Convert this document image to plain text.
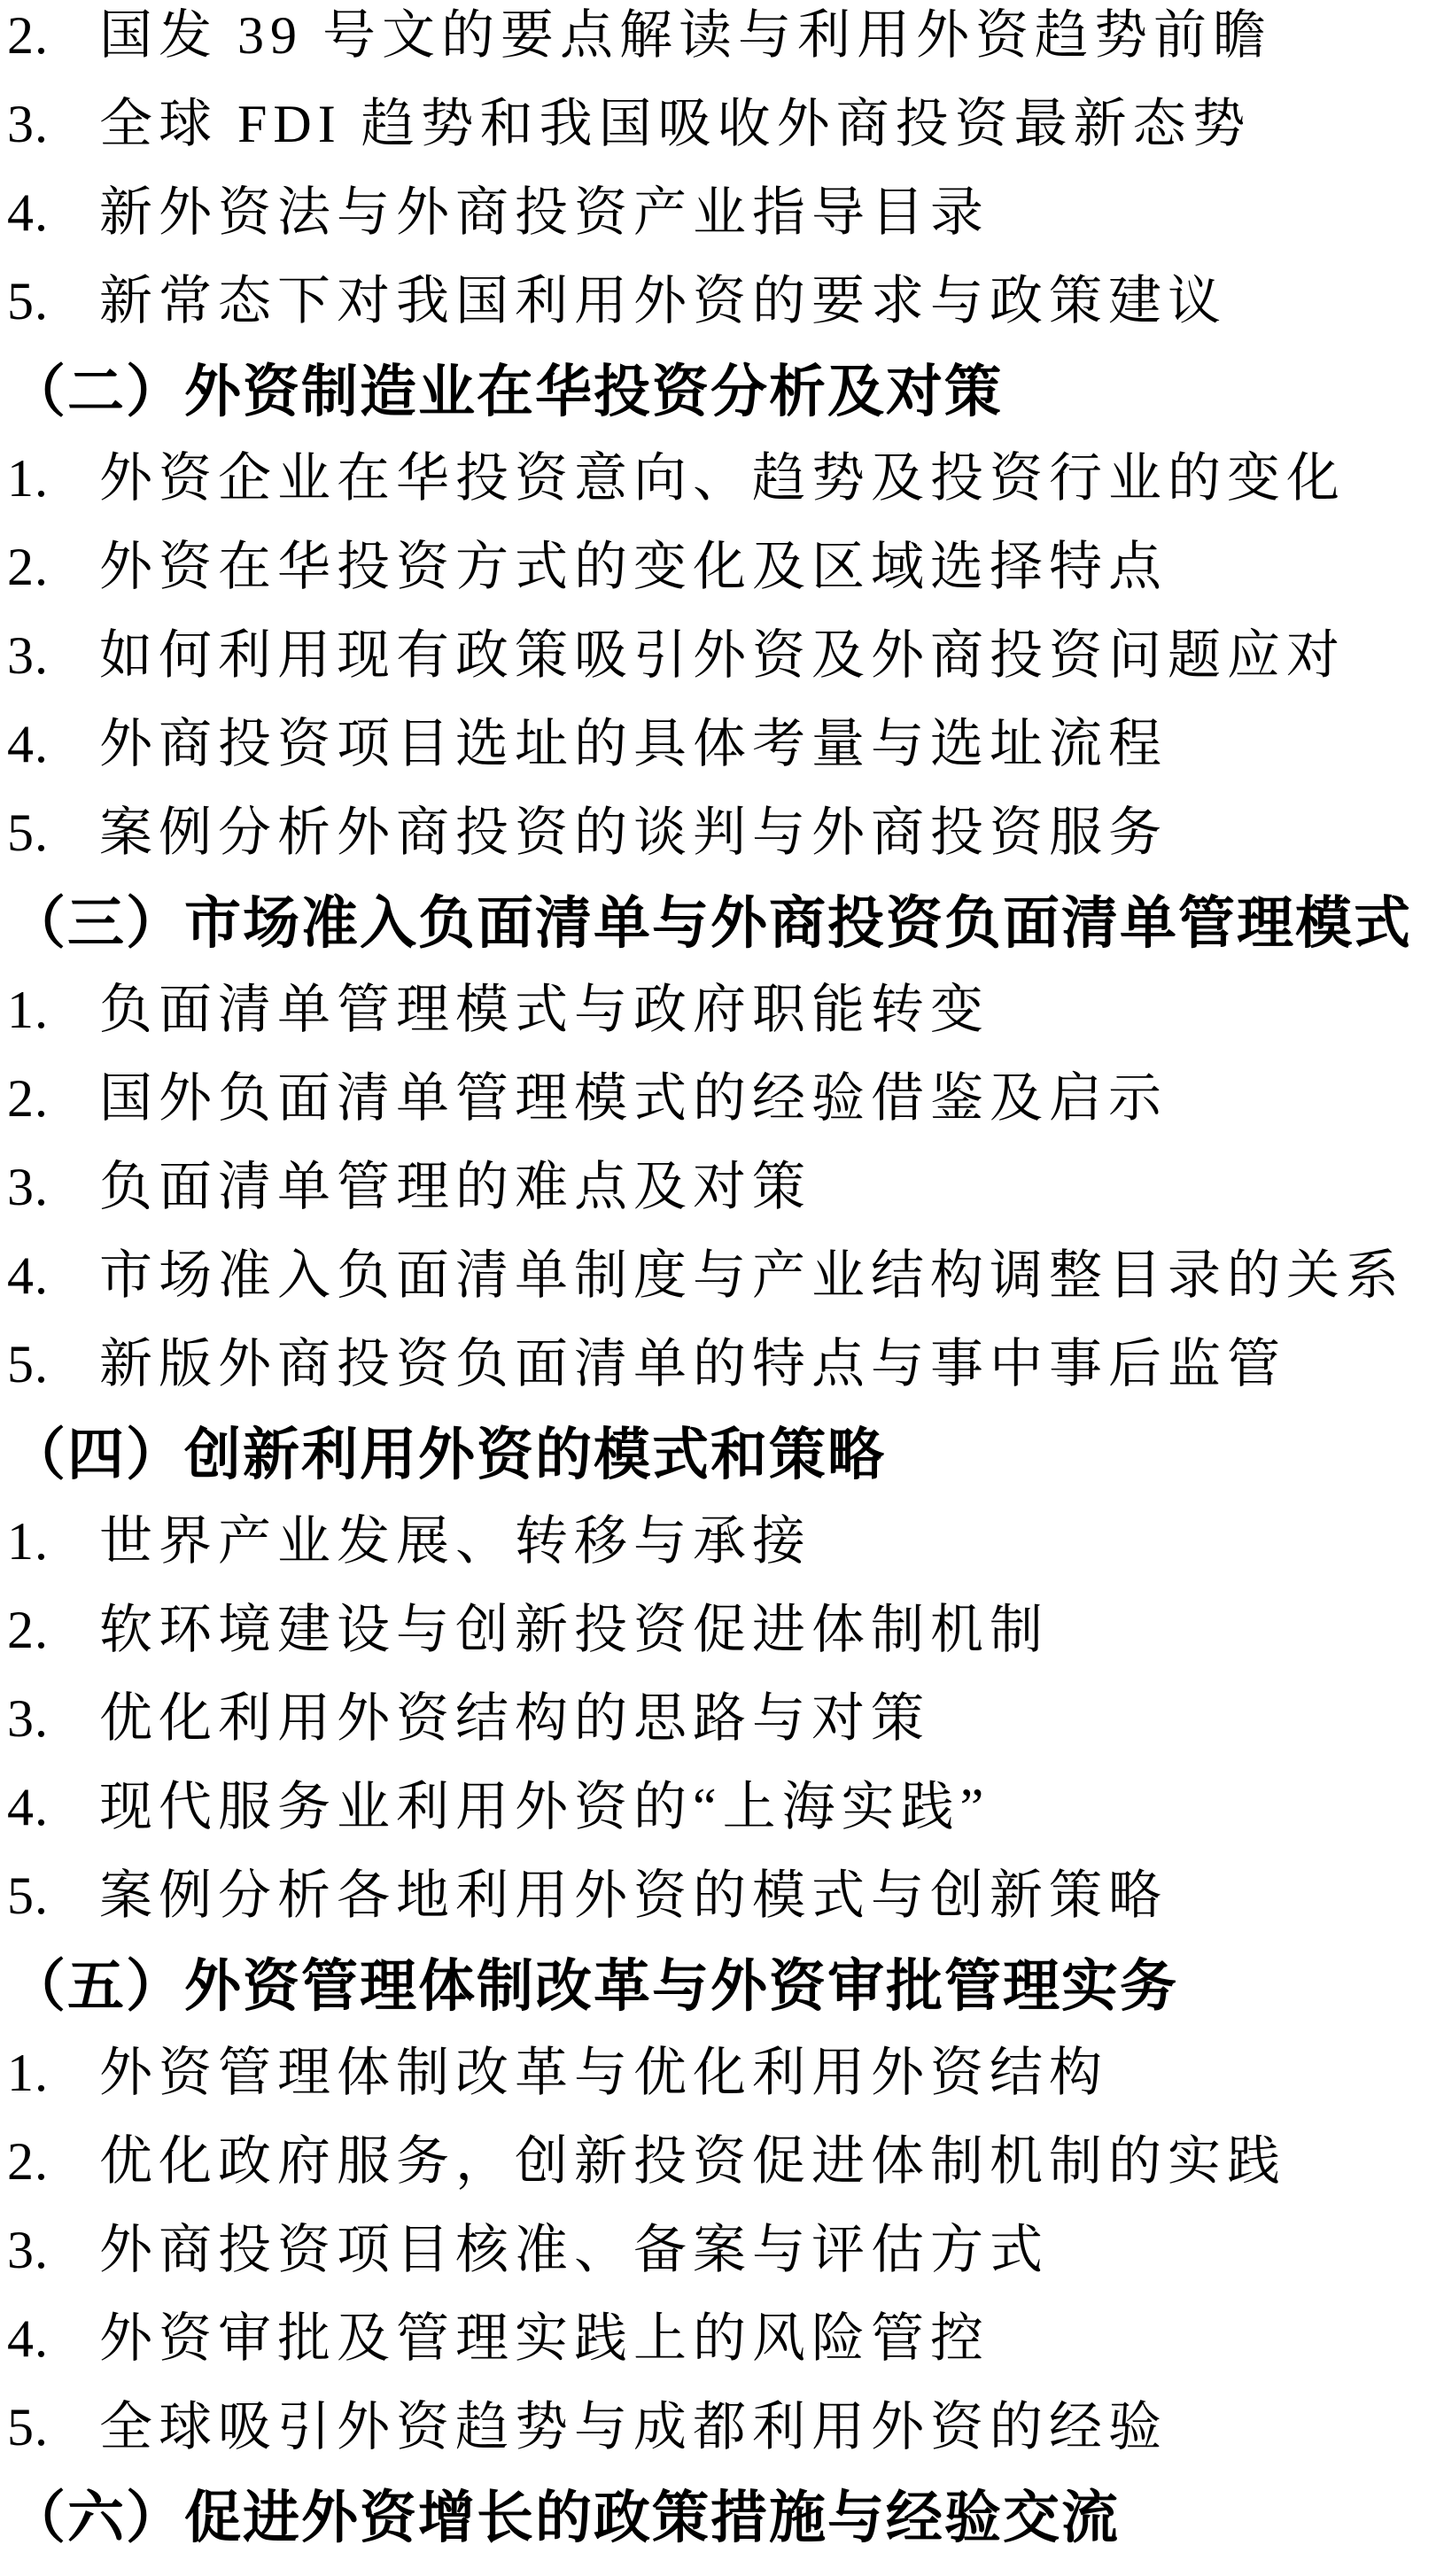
2. 国发 39 号文的要点解读与利用外资趋势前瞻
3. 全球 FDI 趋势和我国吸收外商投资最新态势
4. 新外资法与外商投资产业指导目录
5. 新常态下对我国利用外资的要求与政策建议
（二）外资制造业在华投资分析及对策
1. 外资企业在华投资意向、趋势及投资行业的变化
2. 外资在华投资方式的变化及区域选择特点
3. 如何利用现有政策吸引外资及外商投资问题应对
4. 外商投资项目选址的具体考量与选址流程
5. 案例分析外商投资的谈判与外商投资服务
（三）市场准入负面清单与外商投资负面清单管理模式
1. 负面清单管理模式与政府职能转变
2. 国外负面清单管理模式的经验借鉴及启示
3. 负面清单管理的难点及对策
4. 市场准入负面清单制度与产业结构调整目录的关系
5. 新版外商投资负面清单的特点与事中事后监管
（四）创新利用外资的模式和策略
1. 世界产业发展、转移与承接
2. 软环境建设与创新投资促进体制机制
3. 优化利用外资结构的思路与对策
4. 现代服务业利用外资的“上海实践”
5. 案例分析各地利用外资的模式与创新策略
（五）外资管理体制改革与外资审批管理实务
1. 外资管理体制改革与优化利用外资结构
2. 优化政府服务，创新投资促进体制机制的实践
3. 外商投资项目核准、备案与评估方式
4. 外资审批及管理实践上的风险管控
5. 全球吸引外资趋势与成都利用外资的经验
（六）促进外资增长的政策措施与经验交流
